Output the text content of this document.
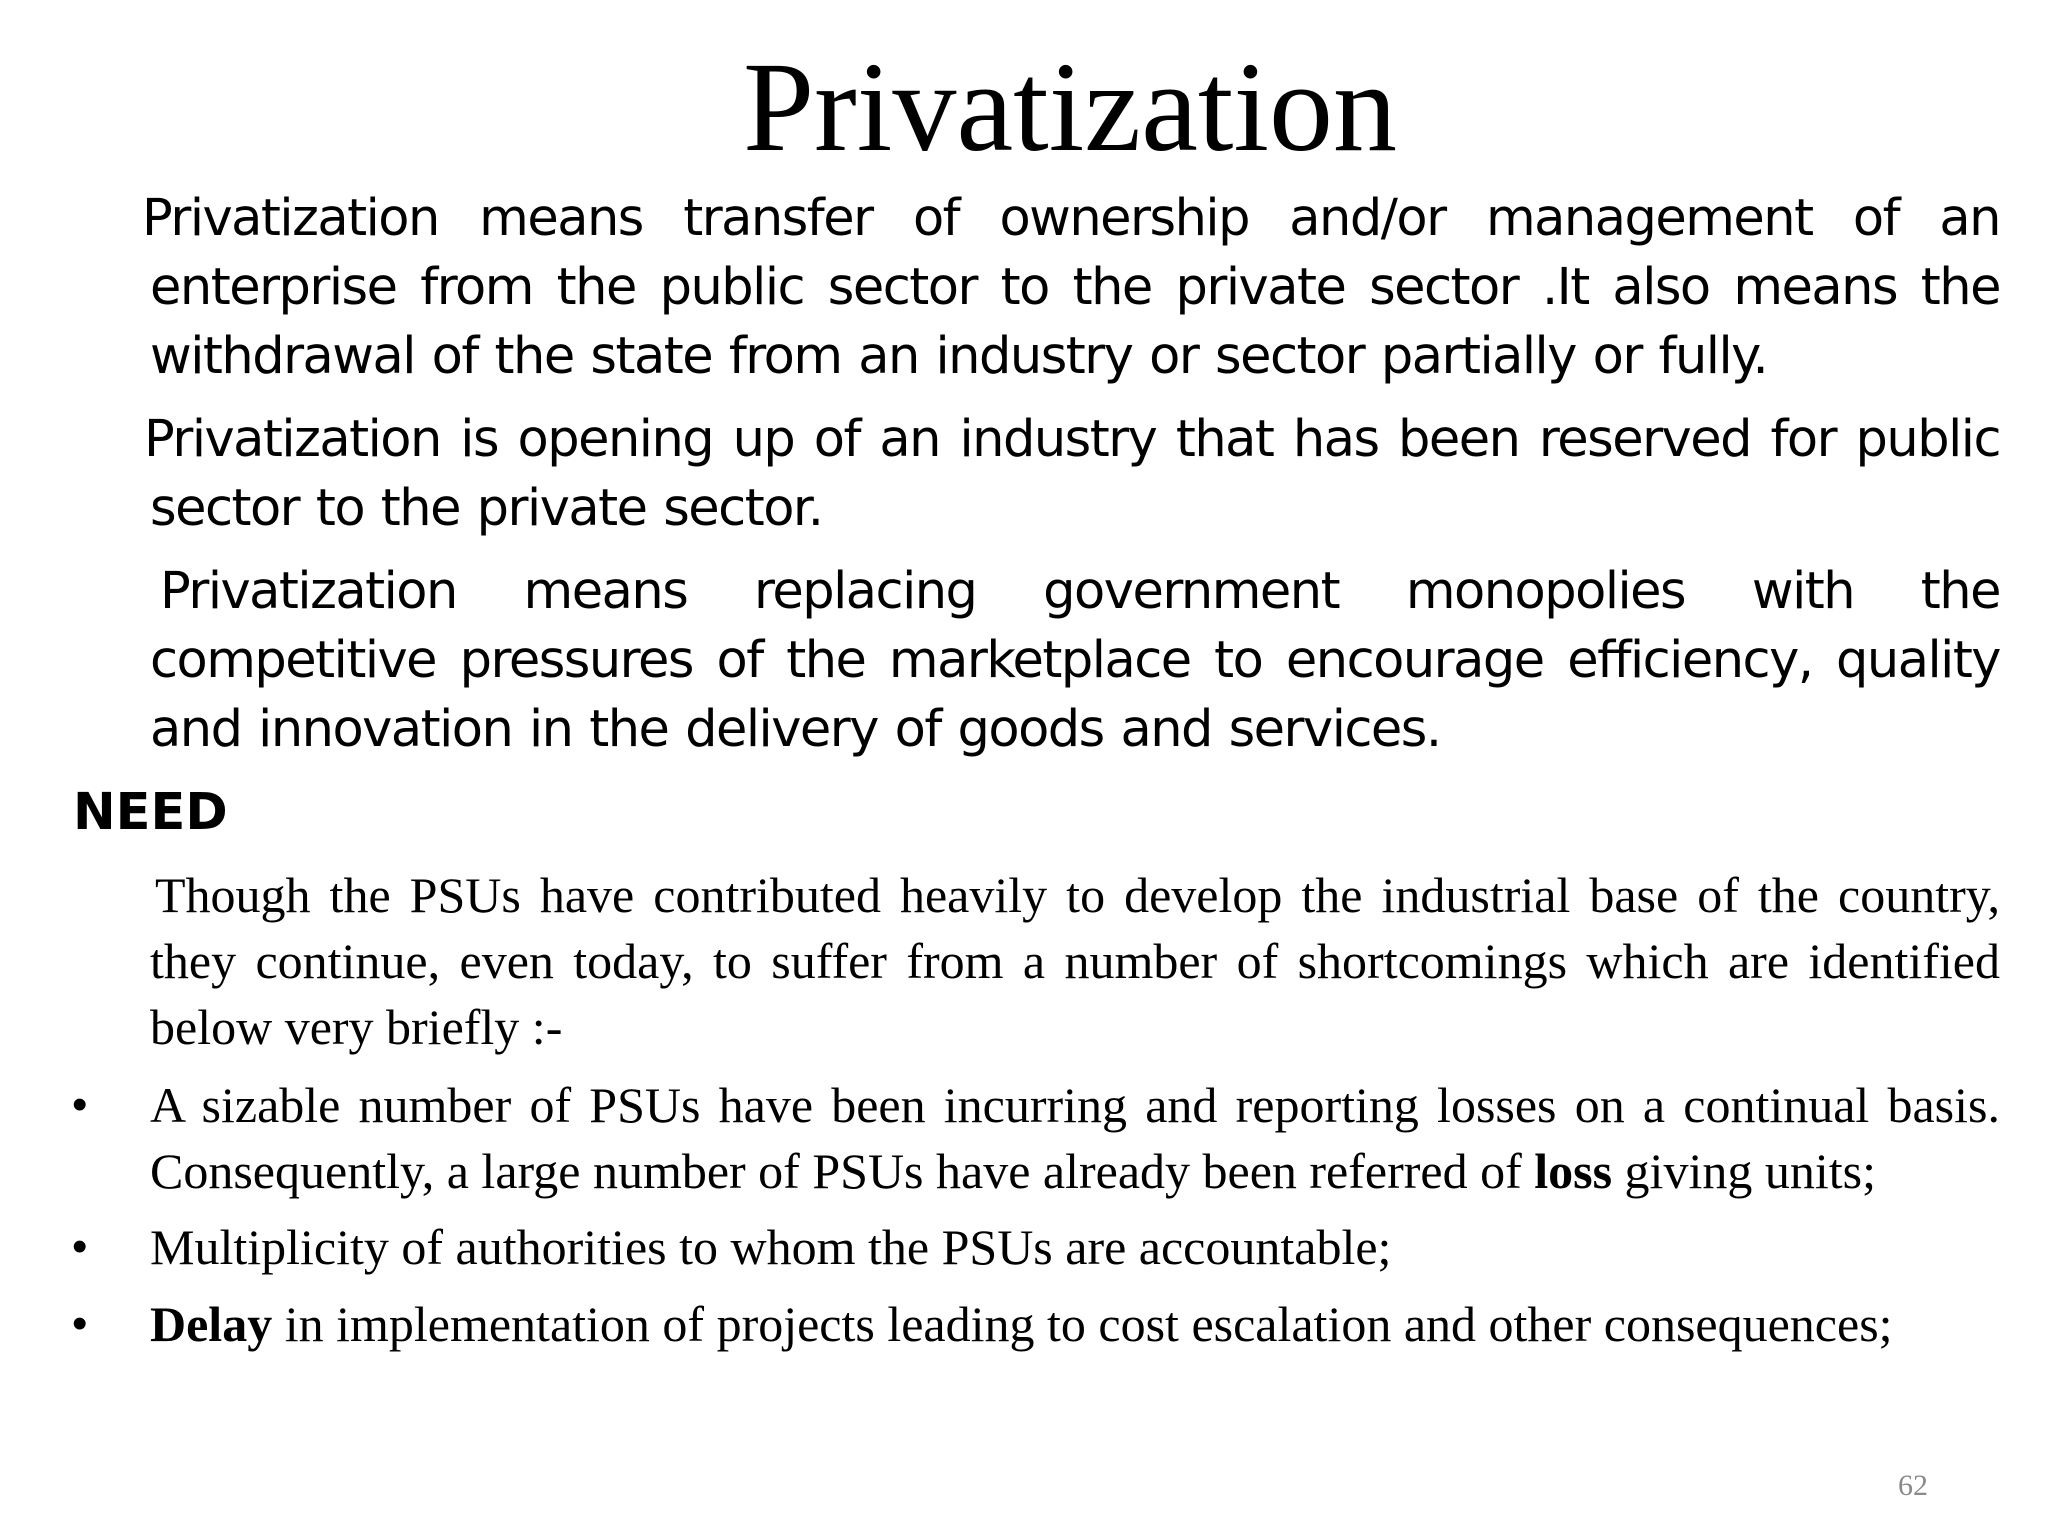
Privatization

Privatization means transfer of ownership and/or management of an enterprise from the public sector to the private sector .It also means the withdrawal of the state from an industry or sector partially or fully.

Privatization is opening up of an industry that has been reserved for public sector to the private sector.

Privatization means replacing government monopolies with the competitive pressures of the marketplace to encourage efficiency, quality and innovation in the delivery of goods and services.

NEED

Though the PSUs have contributed heavily to develop the industrial base of the country, they continue, even today, to suffer from a number of shortcomings which are identified below very briefly :-

• A sizable number of PSUs have been incurring and reporting losses on a continual basis. Consequently, a large number of PSUs have already been referred of loss giving units;
• Multiplicity of authorities to whom the PSUs are accountable;
• Delay in implementation of projects leading to cost escalation and other consequences;
62
